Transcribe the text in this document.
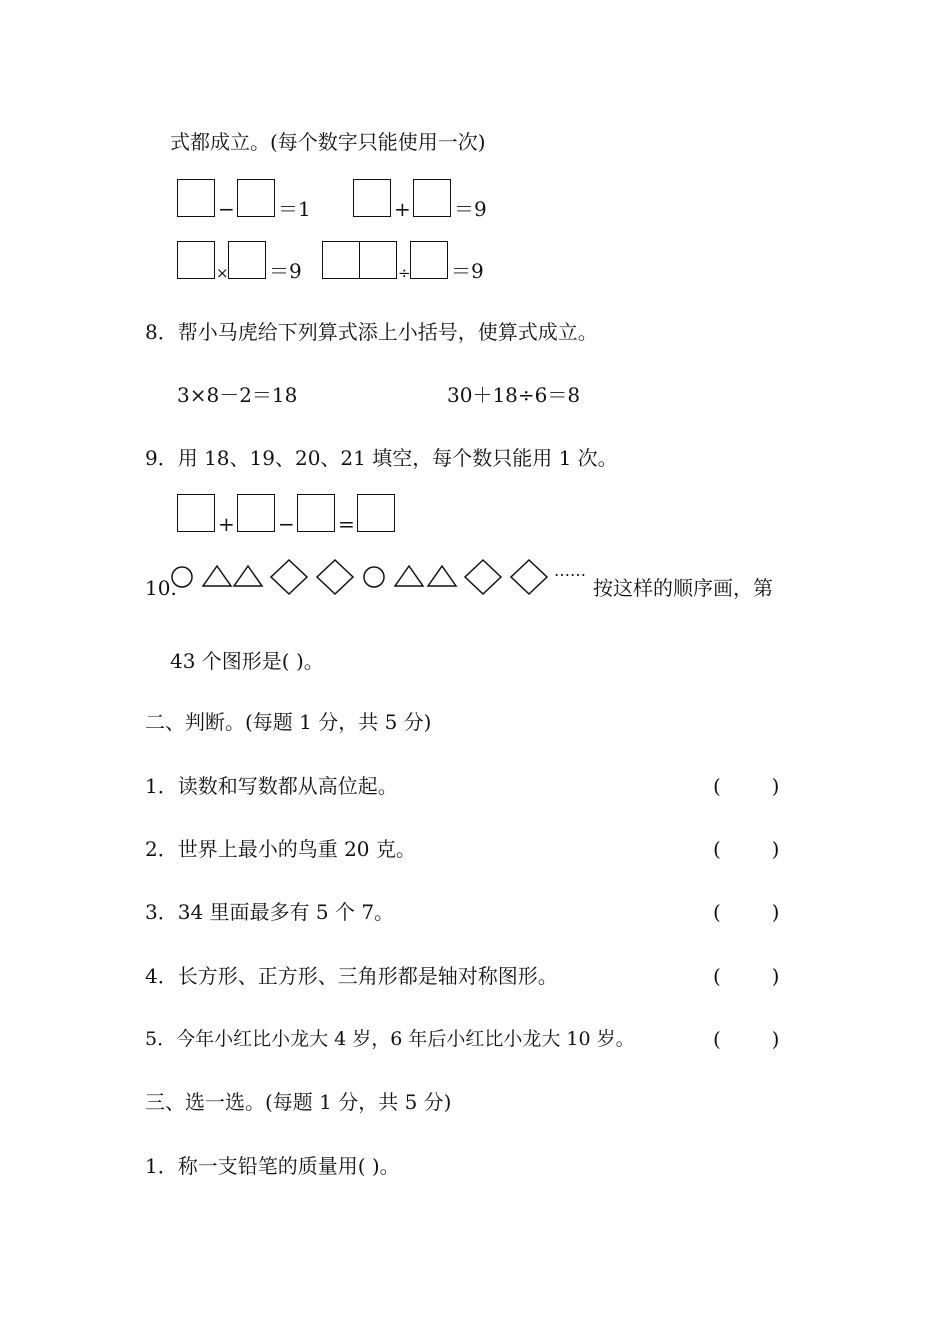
式都成立。(每个数字只能使用一次)
− ＝1	+ ＝9
× ＝9	÷ ＝9
8．帮小马虎给下列算式添上小括号，使算式成立。
3×8－2＝18	30＋18÷6＝8
9．用 18、19、20、21 填空，每个数只能用 1 次。
+ − =
10.
……
按这样的顺序画，第
43 个图形是( )。
二、判断。(每题 1 分，共 5 分)
1．读数和写数都从高位起。	(        )
2．世界上最小的鸟重 20 克。	(        )
3．34 里面最多有 5 个 7。	(        )
4．长方形、正方形、三角形都是轴对称图形。	(        )
5．今年小红比小龙大 4 岁，6 年后小红比小龙大 10 岁。	(        )
三、选一选。(每题 1 分，共 5 分)
1．称一支铅笔的质量用( )。
